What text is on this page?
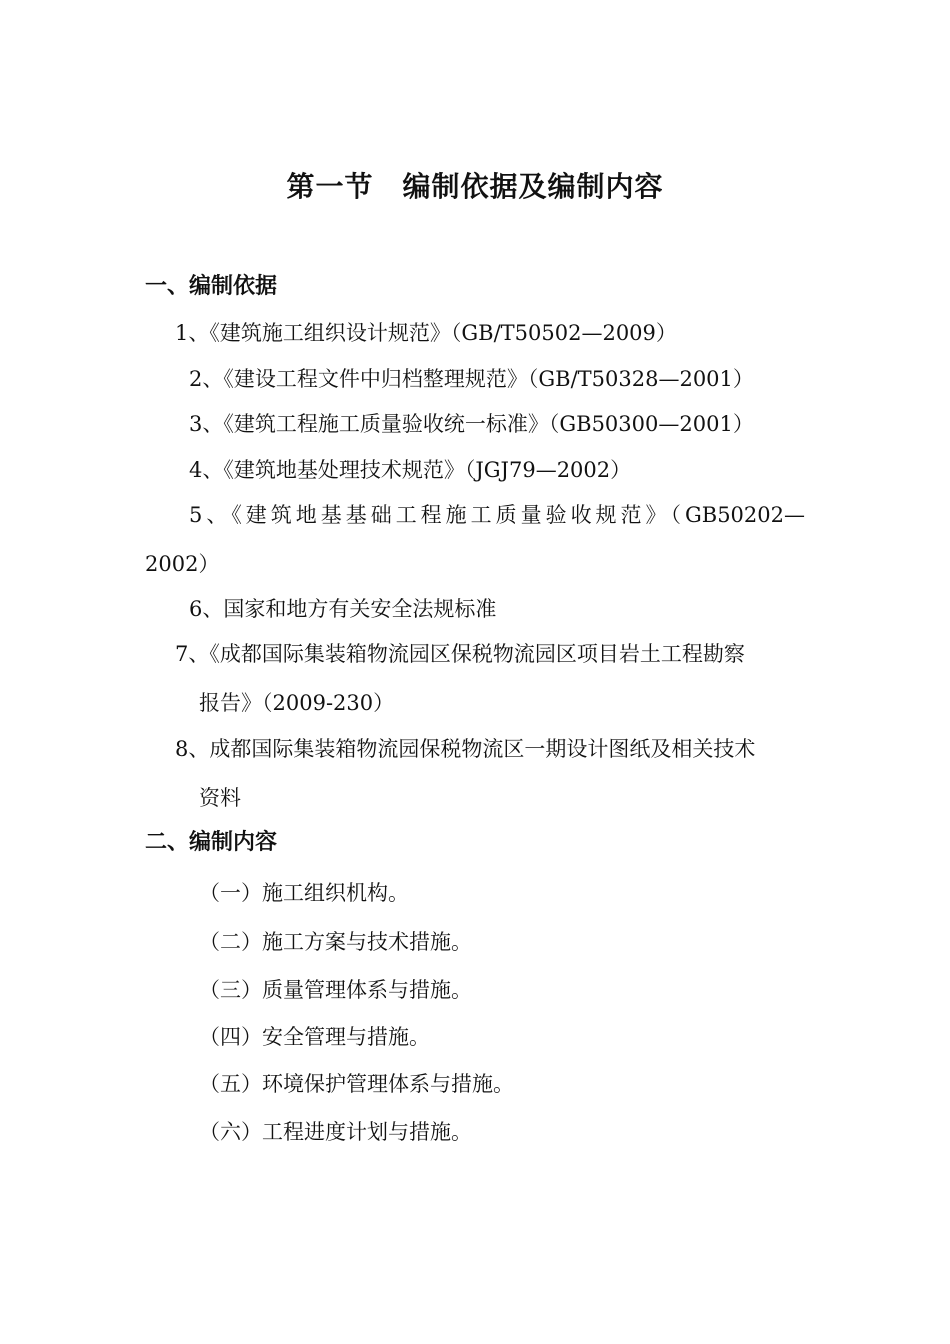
第一节　编制依据及编制内容
一、编制依据
1、《建筑施工组织设计规范》（GB/T50502—2009）
2、《建设工程文件中归档整理规范》（GB/T50328—2001）
3、《建筑工程施工质量验收统一标准》（GB50300—2001）
4、《建筑地基处理技术规范》（JGJ79—2002）
5、《建筑地基基础工程施工质量验收规范》（GB50202—
2002）
6、国家和地方有关安全法规标准
7、《成都国际集装箱物流园区保税物流园区项目岩土工程勘察
报告》（2009-230）
8、成都国际集装箱物流园保税物流区一期设计图纸及相关技术
资料
二、编制内容
（一）施工组织机构。
（二）施工方案与技术措施。
（三）质量管理体系与措施。
（四）安全管理与措施。
（五）环境保护管理体系与措施。
（六）工程进度计划与措施。
